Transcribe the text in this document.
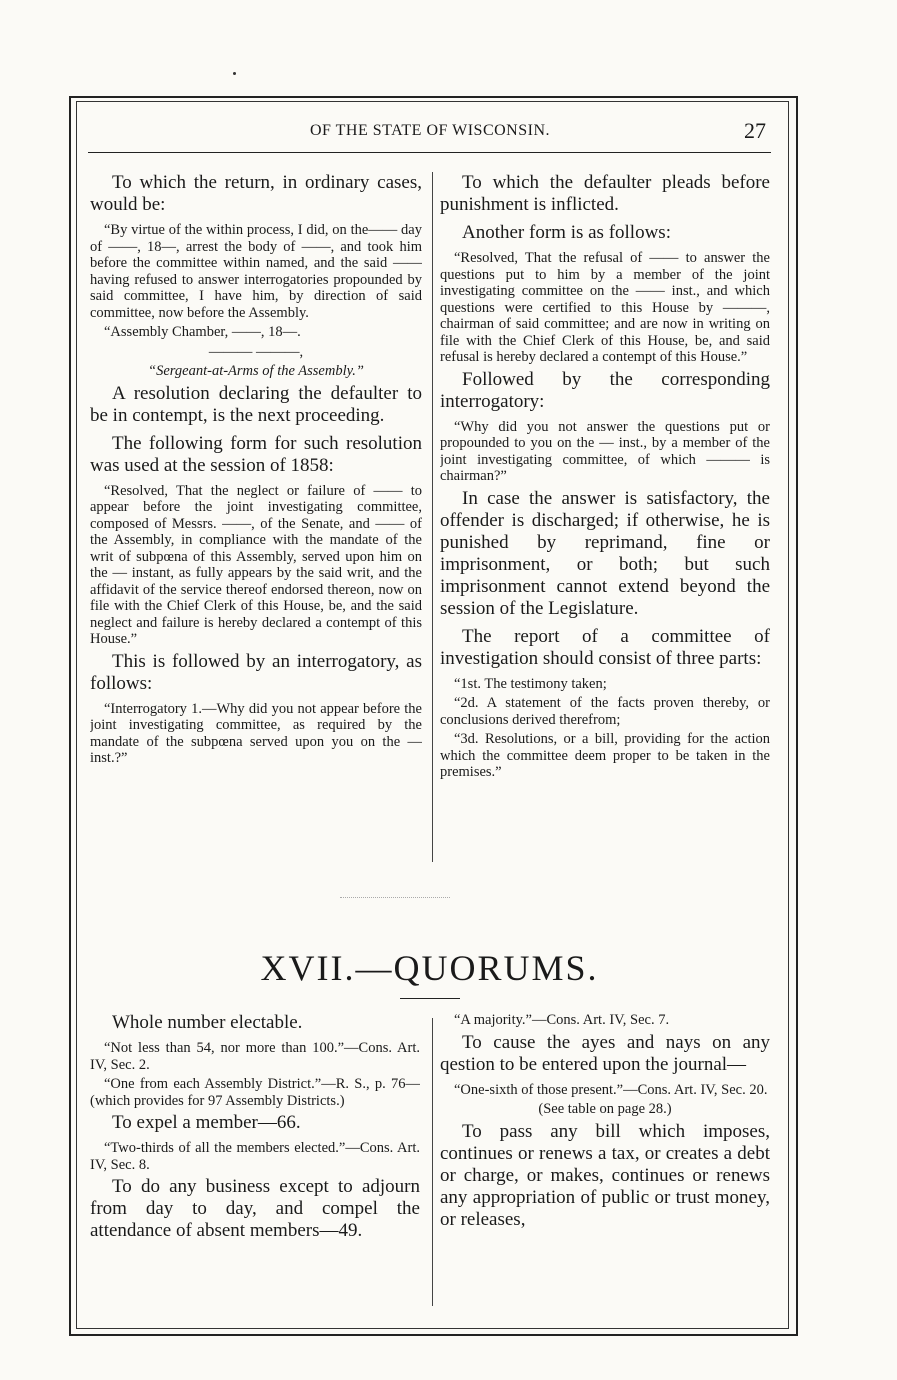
OF THE STATE OF WISCONSIN.	27

To which the return, in ordinary cases, would be:

“By virtue of the within process, I did, on the—— day of ——, 18—, arrest the body of ——, and took him before the committee within named, and the said —— having refused to answer interrogatories propounded by said committee, I have him, by direction of said committee, now before the Assembly.

“Assembly Chamber, ——, 18—.

——— ———,

“Sergeant-at-Arms of the Assembly.”

A resolution declaring the defaulter to be in contempt, is the next proceeding.

The following form for such resolution was used at the session of 1858:

“Resolved, That the neglect or failure of —— to appear before the joint investigating committee, composed of Messrs. ——, of the Senate, and —— of the Assembly, in compliance with the mandate of the writ of subpœna of this Assembly, served upon him on the — instant, as fully appears by the said writ, and the affidavit of the service thereof endorsed thereon, now on file with the Chief Clerk of this House, be, and the said neglect and failure is hereby declared a contempt of this House.”

This is followed by an interrogatory, as follows:

“Interrogatory 1.—Why did you not appear before the joint investigating committee, as required by the mandate of the subpœna served upon you on the — inst.?”

To which the defaulter pleads before punishment is inflicted.

Another form is as follows:

“Resolved, That the refusal of —— to answer the questions put to him by a member of the joint investigating committee on the —— inst., and which questions were certified to this House by ———, chairman of said committee; and are now in writing on file with the Chief Clerk of this House, be, and said refusal is hereby declared a contempt of this House.”

Followed by the corresponding interrogatory:

“Why did you not answer the questions put or propounded to you on the — inst., by a member of the joint investigating committee, of which ——— is chairman?”

In case the answer is satisfactory, the offender is discharged; if otherwise, he is punished by reprimand, fine or imprisonment, or both; but such imprisonment cannot extend beyond the session of the Legislature.

The report of a committee of investigation should consist of three parts:

“1st. The testimony taken;

“2d. A statement of the facts proven thereby, or conclusions derived therefrom;

“3d. Resolutions, or a bill, providing for the action which the committee deem proper to be taken in the premises.”

XVII.—QUORUMS.

Whole number electable.

“Not less than 54, nor more than 100.”—Cons. Art. IV, Sec. 2.

“One from each Assembly District.”—R. S., p. 76—(which provides for 97 Assembly Districts.)

To expel a member—66.

“Two-thirds of all the members elected.”—Cons. Art. IV, Sec. 8.

To do any business except to adjourn from day to day, and compel the attendance of absent members—49.

“A majority.”—Cons. Art. IV, Sec. 7.

To cause the ayes and nays on any qestion to be entered upon the journal—

“One-sixth of those present.”—Cons. Art. IV, Sec. 20.

(See table on page 28.)

To pass any bill which imposes, continues or renews a tax, or creates a debt or charge, or makes, continues or renews any appropriation of public or trust money, or releases,
